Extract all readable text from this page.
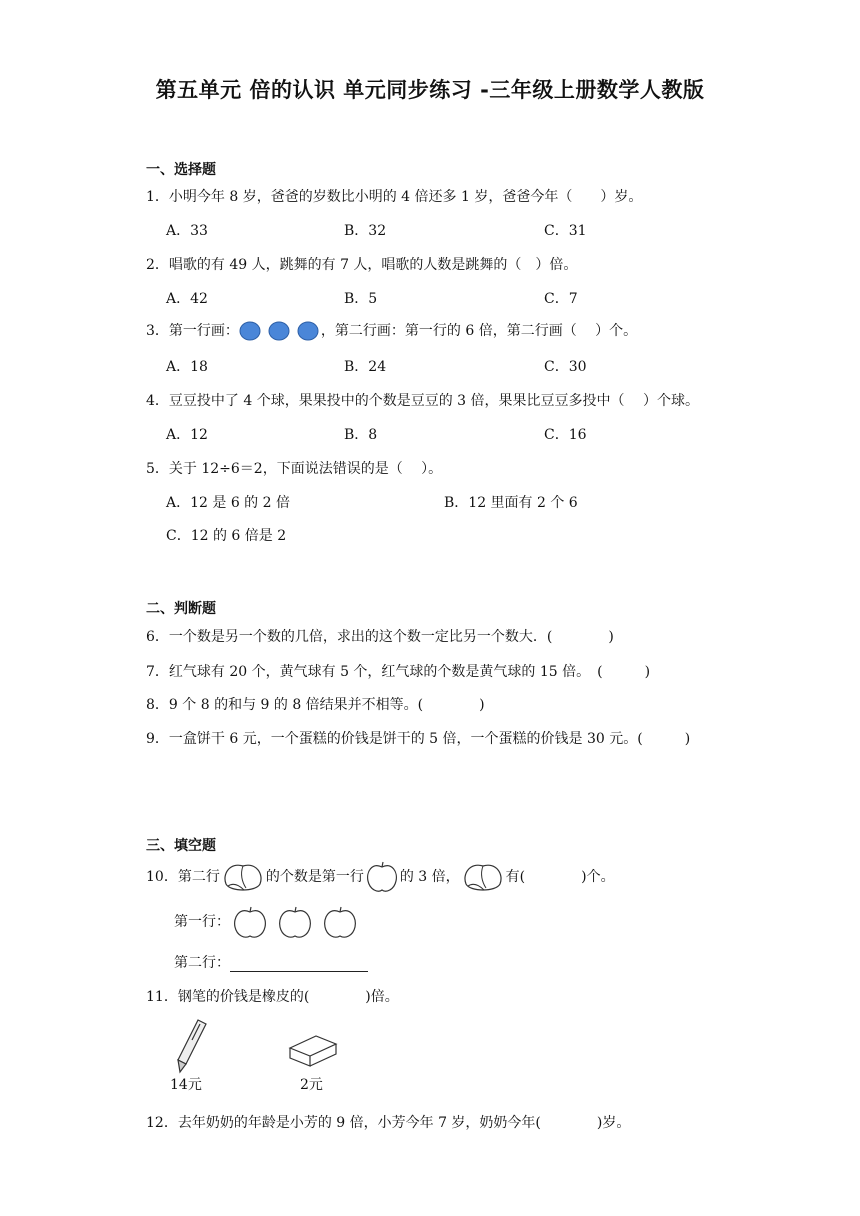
第五单元 倍的认识 单元同步练习 -三年级上册数学人教版
一、选择题
1．小明今年 8 岁，爸爸的岁数比小明的 4 倍还多 1 岁，爸爸今年（　　）岁。
A．33	B．32	C．31
2．唱歌的有 49 人，跳舞的有 7 人，唱歌的人数是跳舞的（　）倍。
A．42	B．5	C．7
3．第一行画：	，第二行画：第一行的 6 倍，第二行画（　 ）个。
A．18	B．24	C．30
4．豆豆投中了 4 个球，果果投中的个数是豆豆的 3 倍，果果比豆豆多投中（　 ）个球。
A．12	B．8	C．16
5．关于 12÷6＝2，下面说法错误的是（　 ）。
A．12 是 6 的 2 倍	B．12 里面有 2 个 6
C．12 的 6 倍是 2
二、判断题
6．一个数是另一个数的几倍，求出的这个数一定比另一个数大．(　　　　)
7．红气球有 20 个，黄气球有 5 个，红气球的个数是黄气球的 15 倍。　(　　　)
8．9 个 8 的和与 9 的 8 倍结果并不相等。(　　　　)
9．一盒饼干 6 元，一个蛋糕的价钱是饼干的 5 倍，一个蛋糕的价钱是 30 元。(　　　)
三、填空题
10．第二行	的个数是第一行	的 3 倍，	有(　　　　)个。
第一行：
第二行：
11．钢笔的价钱是橡皮的(　　　　)倍。
14元	2元
12．去年奶奶的年龄是小芳的 9 倍，小芳今年 7 岁，奶奶今年(　　　　)岁。
